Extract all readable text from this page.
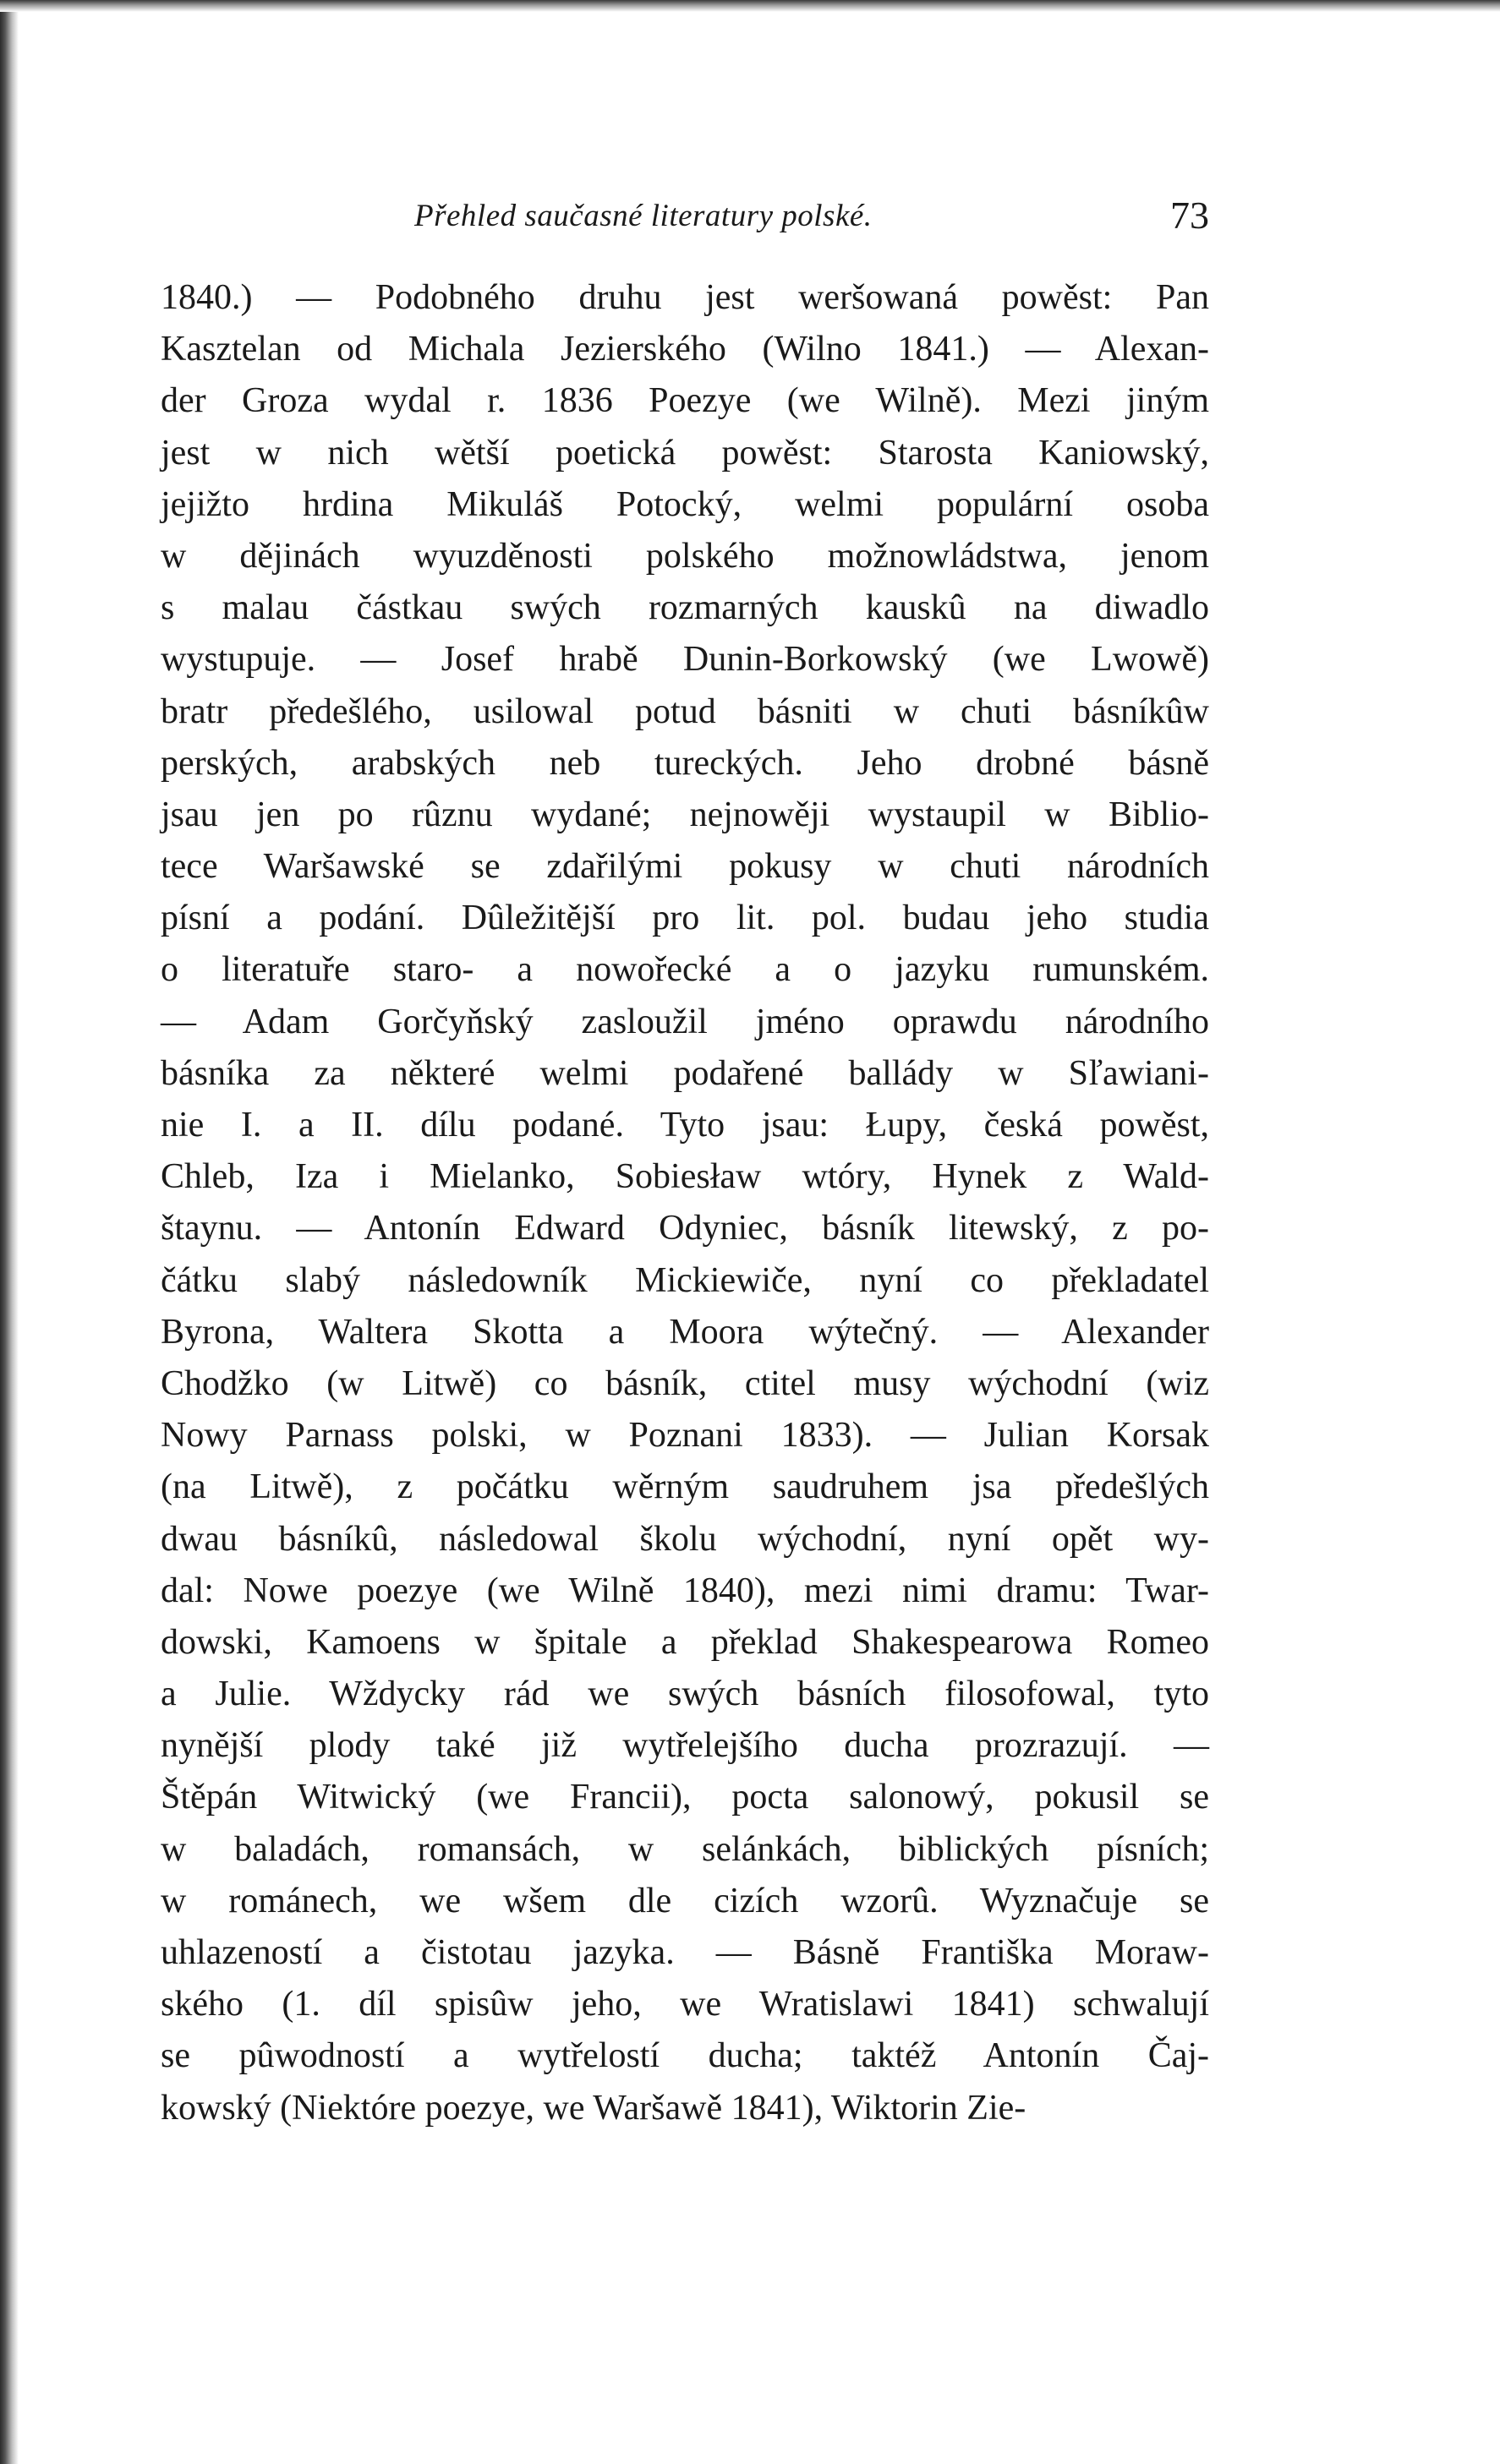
Přehled saučasné literatury polské.	73
1840.) — Podobného druhu jest weršowaná powěst: Pan
Kasztelan od Michala Jezierského (Wilno 1841.) — Alexan-
der Groza wydal r. 1836 Poezye (we Wilně). Mezi jiným
jest w nich wětší poetická powěst: Starosta Kaniowský,
jejižto hrdina Mikuláš Potocký, welmi populární osoba
w dějinách wyuzděnosti polského možnowládstwa, jenom
s malau částkau swých rozmarných kauskû na diwadlo
wystupuje. — Josef hrabě Dunin-Borkowský (we Lwowě)
bratr předešlého, usilowal potud básniti w chuti básníkûw
perských, arabských neb tureckých. Jeho drobné básně
jsau jen po rûznu wydané; nejnowěji wystaupil w Biblio-
tece Waršawské se zdařilými pokusy w chuti národních
písní a podání. Dûležitější pro lit. pol. budau jeho studia
o literatuře staro- a nowořecké a o jazyku rumunském.
— Adam Gorčyňský zasloužil jméno oprawdu národního
básníka za některé welmi podařené ballády w Sľawiani-
nie I. a II. dílu podané. Tyto jsau: Łupy, česká powěst,
Chleb, Iza i Mielanko, Sobiesław wtóry, Hynek z Wald-
štaynu. — Antonín Edward Odyniec, básník litewský, z po-
čátku slabý následowník Mickiewiče, nyní co překladatel
Byrona, Waltera Skotta a Moora wýtečný. — Alexander
Chodžko (w Litwě) co básník, ctitel musy wýchodní (wiz
Nowy Parnass polski, w Poznani 1833). — Julian Korsak
(na Litwě), z počátku wěrným saudruhem jsa předešlých
dwau básníkû, následowal školu wýchodní, nyní opět wy-
dal: Nowe poezye (we Wilně 1840), mezi nimi dramu: Twar-
dowski, Kamoens w špitale a překlad Shakespearowa Romeo
a Julie. Wždycky rád we swých básních filosofowal, tyto
nynější plody také již wytřelejšího ducha prozrazují. —
Štěpán Witwický (we Francii), pocta salonowý, pokusil se
w baladách, romansách, w selánkách, biblických písních;
w románech, we wšem dle cizích wzorû. Wyznačuje se
uhlazeností a čistotau jazyka. — Básně Františka Moraw-
ského (1. díl spisûw jeho, we Wratislawi 1841) schwalují
se pûwodností a wytřelostí ducha; taktéž Antonín Čaj-
kowský (Niektóre poezye, we Waršawě 1841), Wiktorin Zie-
